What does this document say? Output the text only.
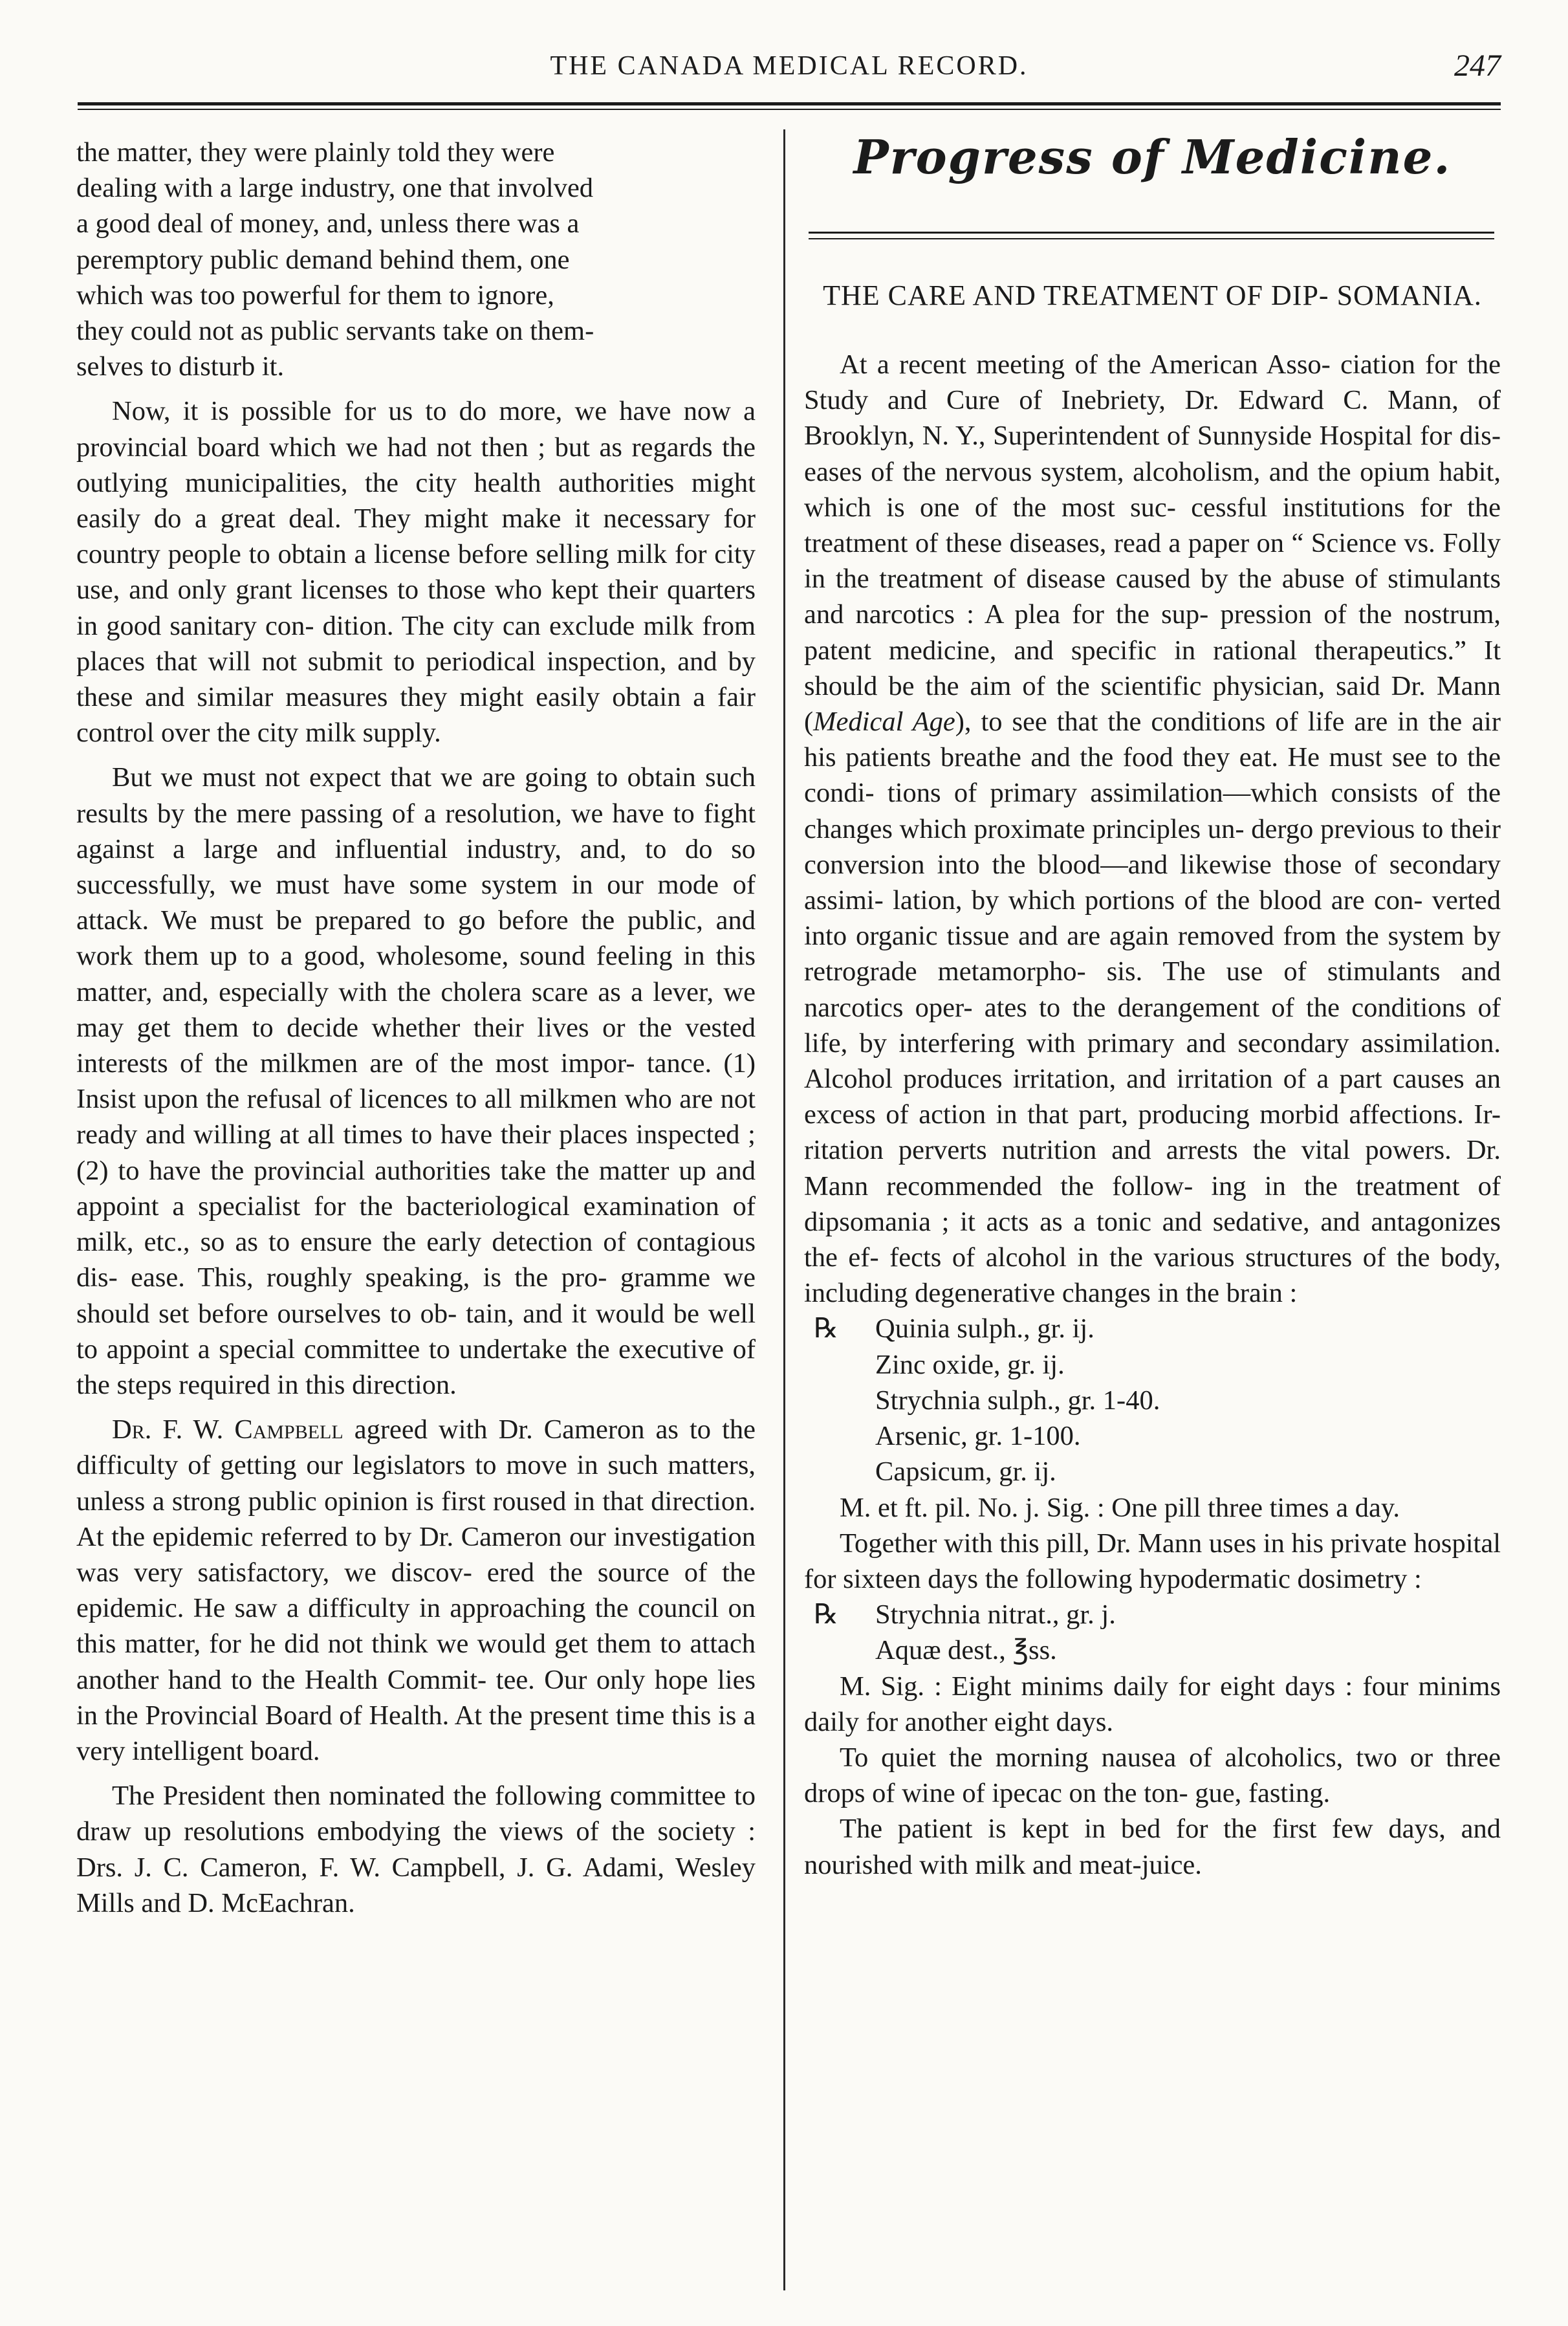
THE CANADA MEDICAL RECORD.	247

the matter, they were plainly told they were
dealing with a large industry, one that involved
a good deal of money, and, unless there was a
peremptory public demand behind them, one
which was too powerful for them to ignore,
they could not as public servants take on them-
selves to disturb it.

Now, it is possible for us to do more, we have now a provincial board which we had not then ; but as regards the outlying municipalities, the city health authorities might easily do a great deal. They might make it necessary for country people to obtain a license before selling milk for city use, and only grant licenses to those who kept their quarters in good sanitary con- dition. The city can exclude milk from places that will not submit to periodical inspection, and by these and similar measures they might easily obtain a fair control over the city milk supply.

But we must not expect that we are going to obtain such results by the mere passing of a resolution, we have to fight against a large and influential industry, and, to do so successfully, we must have some system in our mode of attack. We must be prepared to go before the public, and work them up to a good, wholesome, sound feeling in this matter, and, especially with the cholera scare as a lever, we may get them to decide whether their lives or the vested interests of the milkmen are of the most impor- tance. (1) Insist upon the refusal of licences to all milkmen who are not ready and willing at all times to have their places inspected ; (2) to have the provincial authorities take the matter up and appoint a specialist for the bacteriological examination of milk, etc., so as to ensure the early detection of contagious dis- ease. This, roughly speaking, is the pro- gramme we should set before ourselves to ob- tain, and it would be well to appoint a special committee to undertake the executive of the steps required in this direction.

Dr. F. W. Campbell agreed with Dr. Cameron as to the difficulty of getting our legislators to move in such matters, unless a strong public opinion is first roused in that direction. At the epidemic referred to by Dr. Cameron our investigation was very satisfactory, we discov- ered the source of the epidemic. He saw a difficulty in approaching the council on this matter, for he did not think we would get them to attach another hand to the Health Commit- tee. Our only hope lies in the Provincial Board of Health. At the present time this is a very intelligent board.

The President then nominated the following committee to draw up resolutions embodying the views of the society : Drs. J. C. Cameron, F. W. Campbell, J. G. Adami, Wesley Mills and D. McEachran.

Progress of Medicine.

THE CARE AND TREATMENT OF DIP- SOMANIA.

At a recent meeting of the American Asso- ciation for the Study and Cure of Inebriety, Dr. Edward C. Mann, of Brooklyn, N. Y., Superintendent of Sunnyside Hospital for dis- eases of the nervous system, alcoholism, and the opium habit, which is one of the most suc- cessful institutions for the treatment of these diseases, read a paper on “ Science vs. Folly in the treatment of disease caused by the abuse of stimulants and narcotics : A plea for the sup- pression of the nostrum, patent medicine, and specific in rational therapeutics.” It should be the aim of the scientific physician, said Dr. Mann (Medical Age), to see that the conditions of life are in the air his patients breathe and the food they eat. He must see to the condi- tions of primary assimilation—which consists of the changes which proximate principles un- dergo previous to their conversion into the blood—and likewise those of secondary assimi- lation, by which portions of the blood are con- verted into organic tissue and are again removed from the system by retrograde metamorpho- sis. The use of stimulants and narcotics oper- ates to the derangement of the conditions of life, by interfering with primary and secondary assimilation. Alcohol produces irritation, and irritation of a part causes an excess of action in that part, producing morbid affections. Ir- ritation perverts nutrition and arrests the vital powers. Dr. Mann recommended the follow- ing in the treatment of dipsomania ; it acts as a tonic and sedative, and antagonizes the ef- fects of alcohol in the various structures of the body, including degenerative changes in the brain :

℞ Quinia sulph., gr. ij.

Zinc oxide, gr. ij.

Strychnia sulph., gr. 1-40.

Arsenic, gr. 1-100.

Capsicum, gr. ij.

M. et ft. pil. No. j. Sig. : One pill three times a day.

Together with this pill, Dr. Mann uses in his private hospital for sixteen days the following hypodermatic dosimetry :

℞ Strychnia nitrat., gr. j.

Aquæ dest., ℥ss.

M. Sig. : Eight minims daily for eight days : four minims daily for another eight days.

To quiet the morning nausea of alcoholics, two or three drops of wine of ipecac on the ton- gue, fasting.

The patient is kept in bed for the first few days, and nourished with milk and meat-juice.
